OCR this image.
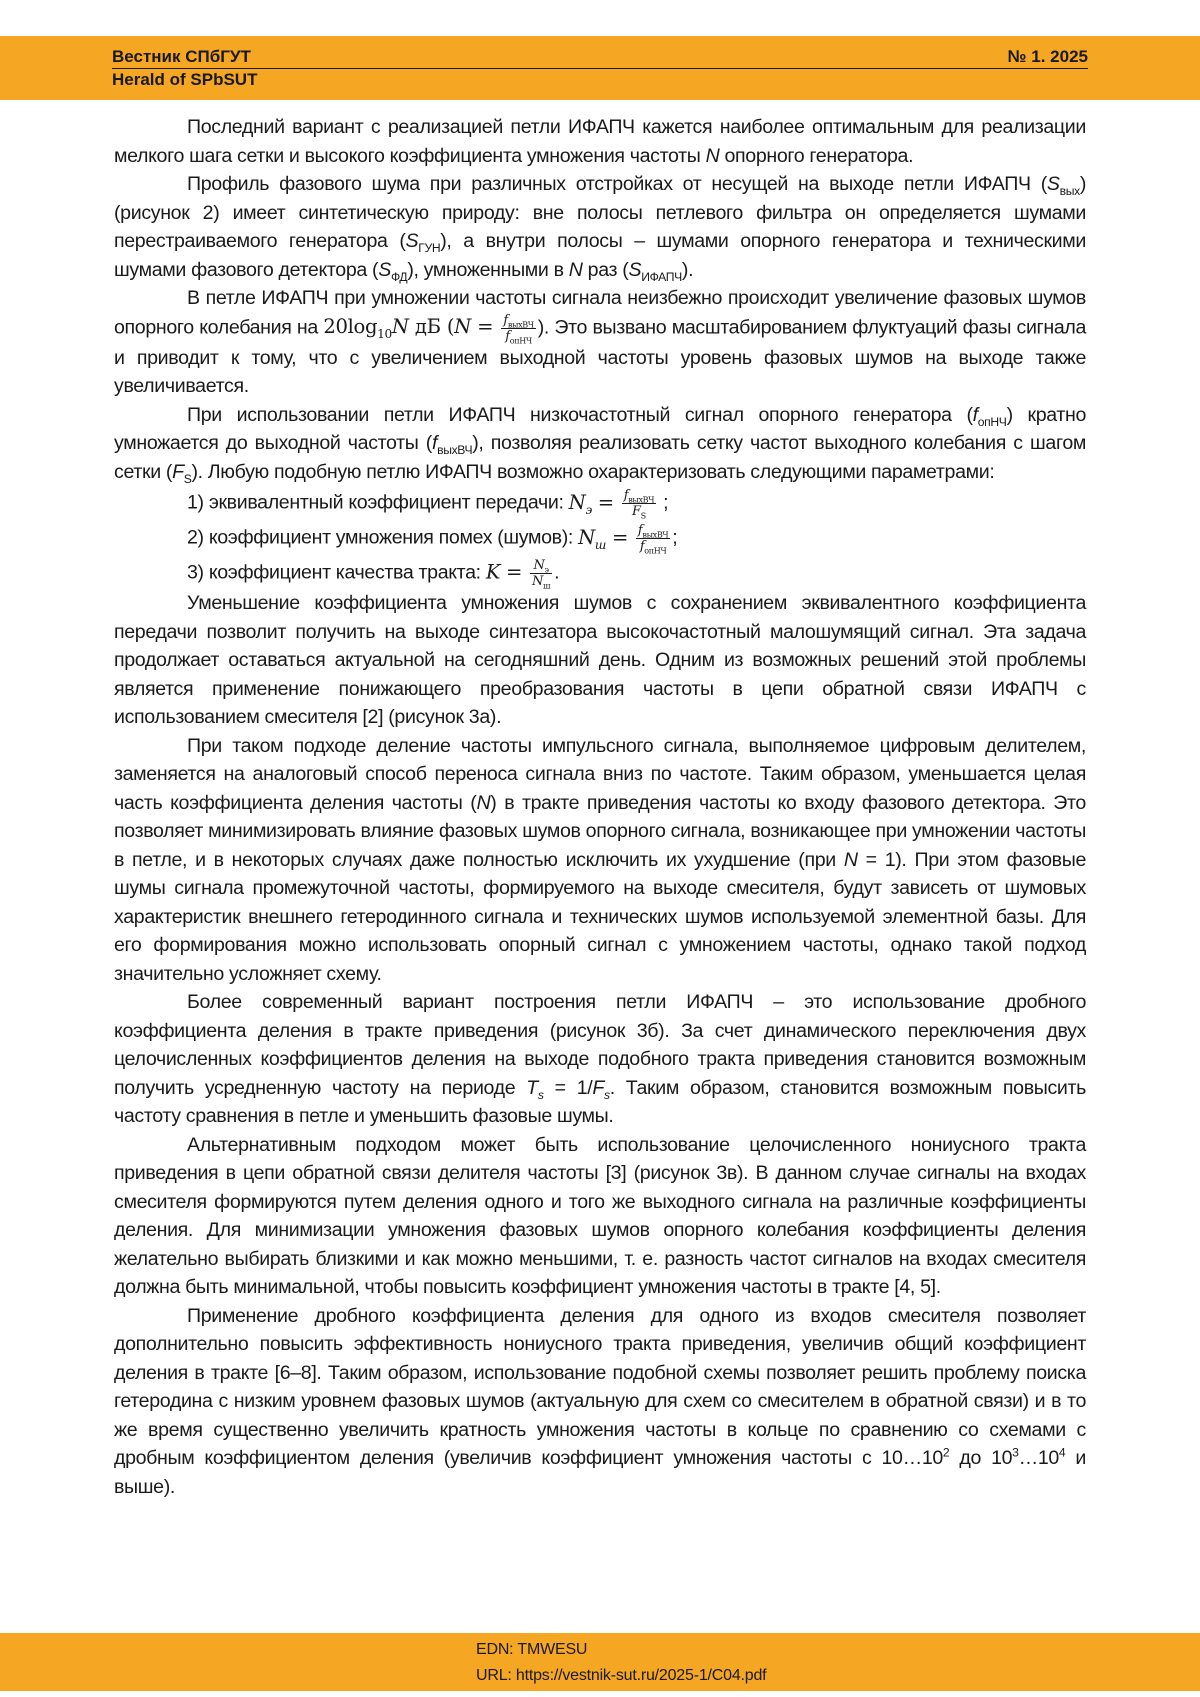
Вестник СПбГУТ
Herald of SPbSUT
№ 1. 2025

Последний вариант с реализацией петли ИФАПЧ кажется наиболее оптимальным для реализации мелкого шага сетки и высокого коэффициента умножения частоты N опорного генератора.

Профиль фазового шума при различных отстройках от несущей на выходе петли ИФАПЧ $(S_{вых})$ (рисунок 2) имеет синтетическую природу: вне полосы петлевого фильтра он определяется шумами перестраиваемого генератора $(S_{ГУН})$, а внутри полосы – шумами опорного генератора и техническими шумами фазового детектора $(S_{ФД})$, умноженными в N раз $(S_{ИФАПЧ})$.

В петле ИФАПЧ при умножении частоты сигнала неизбежно происходит увеличение фазовых шумов опорного колебания на $20\log_{10}N$ дБ ($N = \frac{f_{выхВЧ}}{f_{опНЧ}}$ ). Это вызвано масштабированием флуктуаций фазы сигнала и приводит к тому, что с увеличением выходной частоты уровень фазовых шумов на выходе также увеличивается.

При использовании петли ИФАПЧ низкочастотный сигнал опорного генератора $(f_{опНЧ})$ кратно умножается до выходной частоты $(f_{выхВЧ})$, позволяя реализовать сетку частот выходного колебания с шагом сетки $(F_S)$. Любую подобную петлю ИФАПЧ возможно охарактеризовать следующими параметрами:

1) эквивалентный коэффициент передачи: $N_э = \frac{f_{выхВЧ}}{F_S}$ ;

2) коэффициент умножения помех (шумов): $N_ш = \frac{f_{выхВЧ}}{f_{опНЧ}}$ ;

3) коэффициент качества тракта: $K = \frac{N_э}{N_ш}$ .

Уменьшение коэффициента умножения шумов с сохранением эквивалентного коэффициента передачи позволит получить на выходе синтезатора высокочастотный малошумящий сигнал. Эта задача продолжает оставаться актуальной на сегодняшний день. Одним из возможных решений этой проблемы является применение понижающего преобразования частоты в цепи обратной связи ИФАПЧ с использованием смесителя [2] (рисунок 3а).

При таком подходе деление частоты импульсного сигнала, выполняемое цифровым делителем, заменяется на аналоговый способ переноса сигнала вниз по частоте. Таким образом, уменьшается целая часть коэффициента деления частоты (N) в тракте приведения частоты ко входу фазового детектора. Это позволяет минимизировать влияние фазовых шумов опорного сигнала, возникающее при умножении частоты в петле, и в некоторых случаях даже полностью исключить их ухудшение (при N = 1). При этом фазовые шумы сигнала промежуточной частоты, формируемого на выходе смесителя, будут зависеть от шумовых характеристик внешнего гетеродинного сигнала и технических шумов используемой элементной базы. Для его формирования можно использовать опорный сигнал с умножением частоты, однако такой подход значительно усложняет схему.

Более современный вариант построения петли ИФАПЧ – это использование дробного коэффициента деления в тракте приведения (рисунок 3б). За счет динамического переключения двух целочисленных коэффициентов деления на выходе подобного тракта приведения становится возможным получить усредненную частоту на периоде $T_s = 1/F_s$. Таким образом, становится возможным повысить частоту сравнения в петле и уменьшить фазовые шумы.

Альтернативным подходом может быть использование целочисленного нониусного тракта приведения в цепи обратной связи делителя частоты [3] (рисунок 3в). В данном случае сигналы на входах смесителя формируются путем деления одного и того же выходного сигнала на различные коэффициенты деления. Для минимизации умножения фазовых шумов опорного колебания коэффициенты деления желательно выбирать близкими и как можно меньшими, т. е. разность частот сигналов на входах смесителя должна быть минимальной, чтобы повысить коэффициент умножения частоты в тракте [4, 5].

Применение дробного коэффициента деления для одного из входов смесителя позволяет дополнительно повысить эффективность нониусного тракта приведения, увеличив общий коэффициент деления в тракте [6–8]. Таким образом, использование подобной схемы позволяет решить проблему поиска гетеродина с низким уровнем фазовых шумов (актуальную для схем со смесителем в обратной связи) и в то же время существенно увеличить кратность умножения частоты в кольце по сравнению со схемами с дробным коэффициентом деления (увеличив коэффициент умножения частоты с $10\dots 10^2$ до $10^3\dots 10^4$ и выше).

EDN: TMWESU
URL: https://vestnik-sut.ru/2025-1/C04.pdf
